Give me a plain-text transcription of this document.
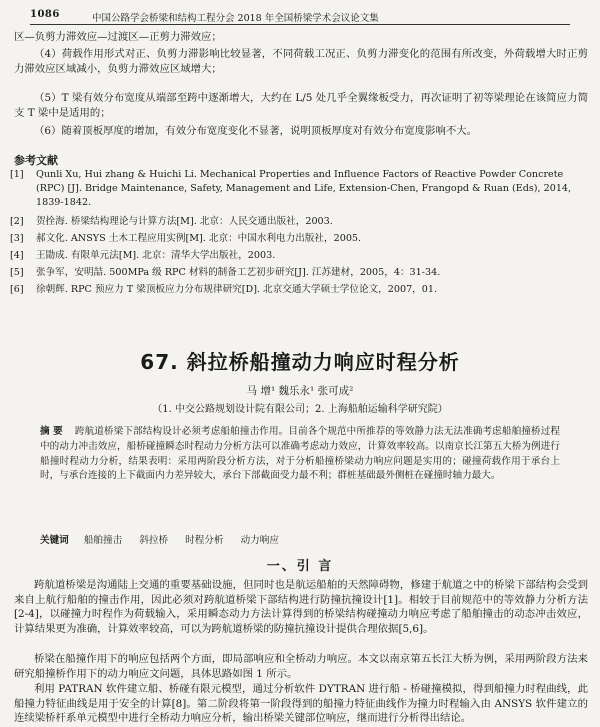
1086	中国公路学会桥梁和结构工程分会 2018 年全国桥梁学术会议论文集

区—负剪力滞效应—过渡区—正剪力滞效应；

（4）荷载作用形式对正、负剪力滞影响比较显著，不同荷载工况正、负剪力滞变化的范围有所改变，外荷载增大时正剪力滞效应区域减小，负剪力滞效应区域增大；

（5）T 梁有效分布宽度从端部至跨中逐渐增大，大约在 L/5 处几乎全翼缘板受力，再次证明了初等梁理论在该简应力简支 T 梁中是适用的；

（6）随着顶板厚度的增加，有效分布宽度变化不显著，说明顶板厚度对有效分布宽度影响不大。

参考文献

[1] Qunli Xu, Hui zhang & Huichi Li. Mechanical Properties and Influence Factors of Reactive Powder Concrete (RPC) [J]. Bridge Maintenance, Safety, Management and Life, Extension-Chen, Frangopd & Ruan (Eds), 2014, 1839-1842.

[2] 贺拴海. 桥梁结构理论与计算方法[M]. 北京：人民交通出版社，2003.

[3] 郝文化. ANSYS 土木工程应用实例[M]. 北京：中国水利电力出版社，2005.

[4] 王勖成. 有限单元法[M]. 北京：清华大学出版社，2003.

[5] 张争军，安明喆. 500MPa 级 RPC 材料的制备工艺初步研究[J]. 江苏建材，2005，4：31-34.

[6] 徐朝辉. RPC 预应力 T 梁顶板应力分布规律研究[D]. 北京交通大学硕士学位论文，2007，01.

67. 斜拉桥船撞动力响应时程分析
马 增¹ 魏乐永¹ 张可成²
（1. 中交公路规划设计院有限公司；2. 上海船舶运输科学研究院）

摘 要 跨航道桥梁下部结构设计必须考虑船舶撞击作用。目前各个规范中所推荐的等效静力法无法准确考虑船舶撞桥过程中的动力冲击效应，船桥碰撞瞬态时程动力分析方法可以准确考虑动力效应，计算效率较高。以南京长江第五大桥为例进行船撞时程动力分析，结果表明：采用两阶段分析方法，对于分析船撞桥梁动力响应问题是实用的；碰撞荷载作用于承台上时，与承台连接的上下截面内力差异较大，承台下部截面受力最不利；群桩基础最外侧桩在碰撞时轴力最大。

关键词 船舶撞击 斜拉桥 时程分析 动力响应
一、引 言

跨航道桥梁是沟通陆上交通的重要基础设施，但同时也是航运船舶的天然障碍物，修建于航道之中的桥梁下部结构会受到来自上航行船舶的撞击作用，因此必须对跨航道桥梁下部结构进行防撞抗撞设计[1]。相较于目前规范中的等效静力分析方法[2-4]，以碰撞力时程作为荷载输入，采用瞬态动力方法计算得到的桥梁结构碰撞动力响应考虑了船舶撞击的动态冲击效应，计算结果更为准确，计算效率较高，可以为跨航道桥梁的防撞抗撞设计提供合理依据[5,6]。

桥梁在船撞作用下的响应包括两个方面，即局部响应和全桥动力响应。本文以南京第五长江大桥为例，采用两阶段方法来研究船撞桥作用下的动力响应文问题，具体思路如图 1 所示。

利用 PATRAN 软件建立船、桥碰有限元模型，通过分析软件 DYTRAN 进行船 - 桥碰撞模拟，得到船撞力时程曲线，此船撞力特征曲线是用于安全的计算[8]。第二阶段将第一阶段得到的船撞力特征曲线作为撞力时程输入由 ANSYS 软件建立的连续梁桥杆系单元模型中进行全桥动力响应分析，输出桥梁关键部位响应，继而进行分析得出结论。
